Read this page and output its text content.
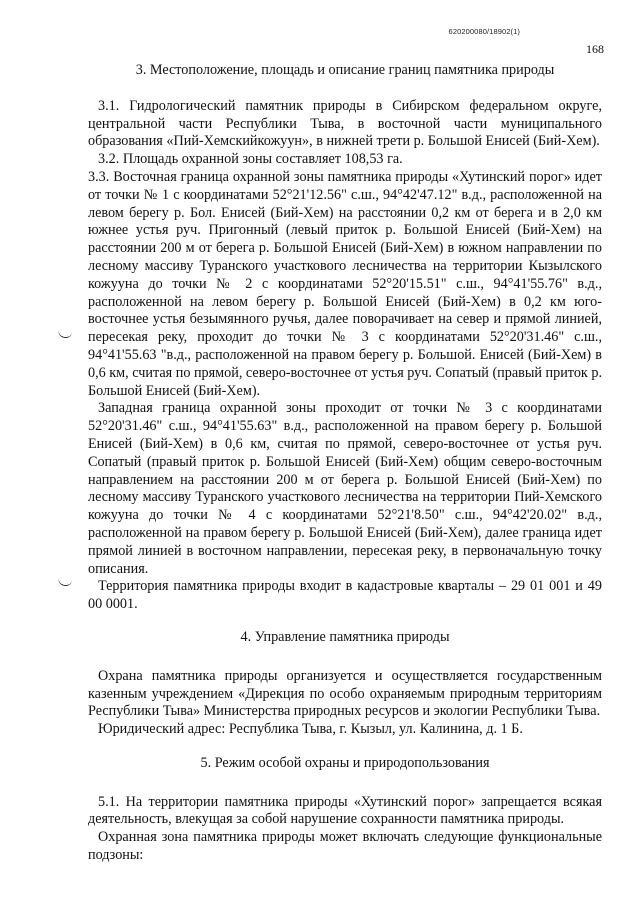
620200080/18902(1)
168
3. Местоположение, площадь и описание границ памятника природы

3.1. Гидрологический памятник природы в Сибирском федеральном округе, центральной части Республики Тыва, в восточной части муниципального образования «Пий-Хемскийкожуун», в нижней трети р. Большой Енисей (Бий-Хем).

3.2. Площадь охранной зоны составляет 108,53 га.

3.3. Восточная граница охранной зоны памятника природы «Хутинский порог» идет от точки № 1 с координатами 52°21'12.56" с.ш., 94°42'47.12" в.д., расположенной на левом берегу р. Бол. Енисей (Бий-Хем) на расстоянии 0,2 км от берега и в 2,0 км южнее устья руч. Пригонный (левый приток р. Большой Енисей (Бий-Хем) на расстоянии 200 м от берега р. Большой Енисей (Бий-Хем) в южном направлении по лесному массиву Туранского участкового лесничества на территории Кызылского кожууна до точки № 2 с координатами 52°20'15.51" с.ш., 94°41'55.76" в.д., расположенной на левом берегу р. Большой Енисей (Бий-Хем) в 0,2 км юго-восточнее устья безымянного ручья, далее поворачивает на север и прямой линией, пересекая реку, проходит до точки № 3 с координатами 52°20'31.46" с.ш., 94°41'55.63 "в.д., расположенной на правом берегу р. Большой. Енисей (Бий-Хем) в 0,6 км, считая по прямой, северо-восточнее от устья руч. Сопатый (правый приток р. Большой Енисей (Бий-Хем).

Западная граница охранной зоны проходит от точки № 3 с координатами 52°20'31.46" с.ш., 94°41'55.63" в.д., расположенной на правом берегу р. Большой Енисей (Бий-Хем) в 0,6 км, считая по прямой, северо-восточнее от устья руч. Сопатый (правый приток р. Большой Енисей (Бий-Хем) общим северо-восточным направлением на расстоянии 200 м от берега р. Большой Енисей (Бий-Хем) по лесному массиву Туранского участкового лесничества на территории Пий-Хемского кожууна до точки № 4 с координатами 52°21'8.50" с.ш., 94°42'20.02" в.д., расположенной на правом берегу р. Большой Енисей (Бий-Хем), далее граница идет прямой линией в восточном направлении, пересекая реку, в первоначальную точку описания.

Территория памятника природы входит в кадастровые кварталы – 29 01 001 и 49 00 0001.

4. Управление памятника природы

Охрана памятника природы организуется и осуществляется государственным казенным учреждением «Дирекция по особо охраняемым природным территориям Республики Тыва» Министерства природных ресурсов и экологии Республики Тыва.

Юридический адрес: Республика Тыва, г. Кызыл, ул. Калинина, д. 1 Б.

5. Режим особой охраны и природопользования

5.1. На территории памятника природы «Хутинский порог» запрещается всякая деятельность, влекущая за собой нарушение сохранности памятника природы.

Охранная зона памятника природы может включать следующие функциональные подзоны:
